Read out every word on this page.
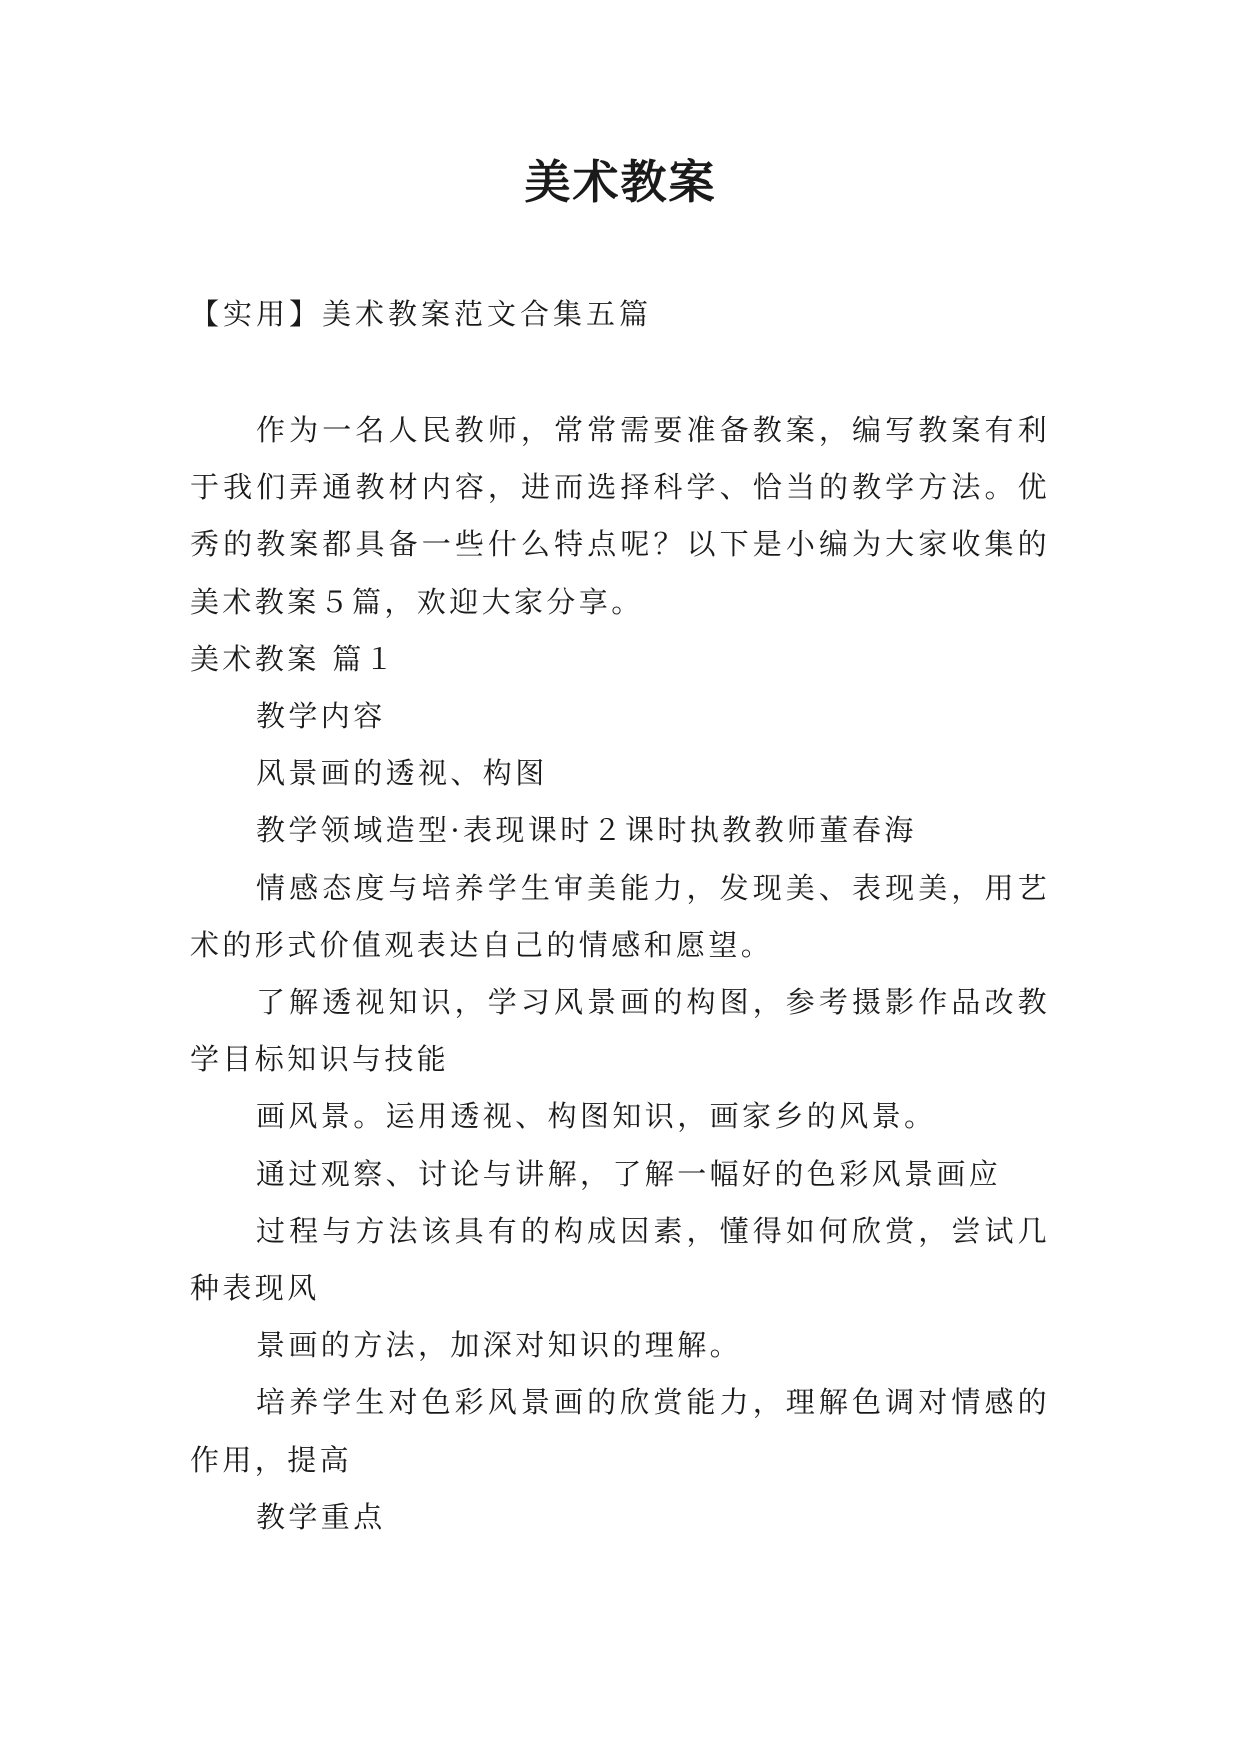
美术教案
【实用】美术教案范文合集五篇

作为一名人民教师，常常需要准备教案，编写教案有利于我们弄通教材内容，进而选择科学、恰当的教学方法。优秀的教案都具备一些什么特点呢？以下是小编为大家收集的美术教案５篇，欢迎大家分享。

美术教案 篇１

教学内容

风景画的透视、构图

教学领域造型·表现课时２课时执教教师董春海

情感态度与培养学生审美能力，发现美、表现美，用艺术的形式价值观表达自己的情感和愿望。

了解透视知识，学习风景画的构图，参考摄影作品改教学目标知识与技能

画风景。运用透视、构图知识，画家乡的风景。

通过观察、讨论与讲解，了解一幅好的色彩风景画应

过程与方法该具有的构成因素，懂得如何欣赏，尝试几种表现风

景画的方法，加深对知识的理解。

培养学生对色彩风景画的欣赏能力，理解色调对情感的作用，提高

教学重点
